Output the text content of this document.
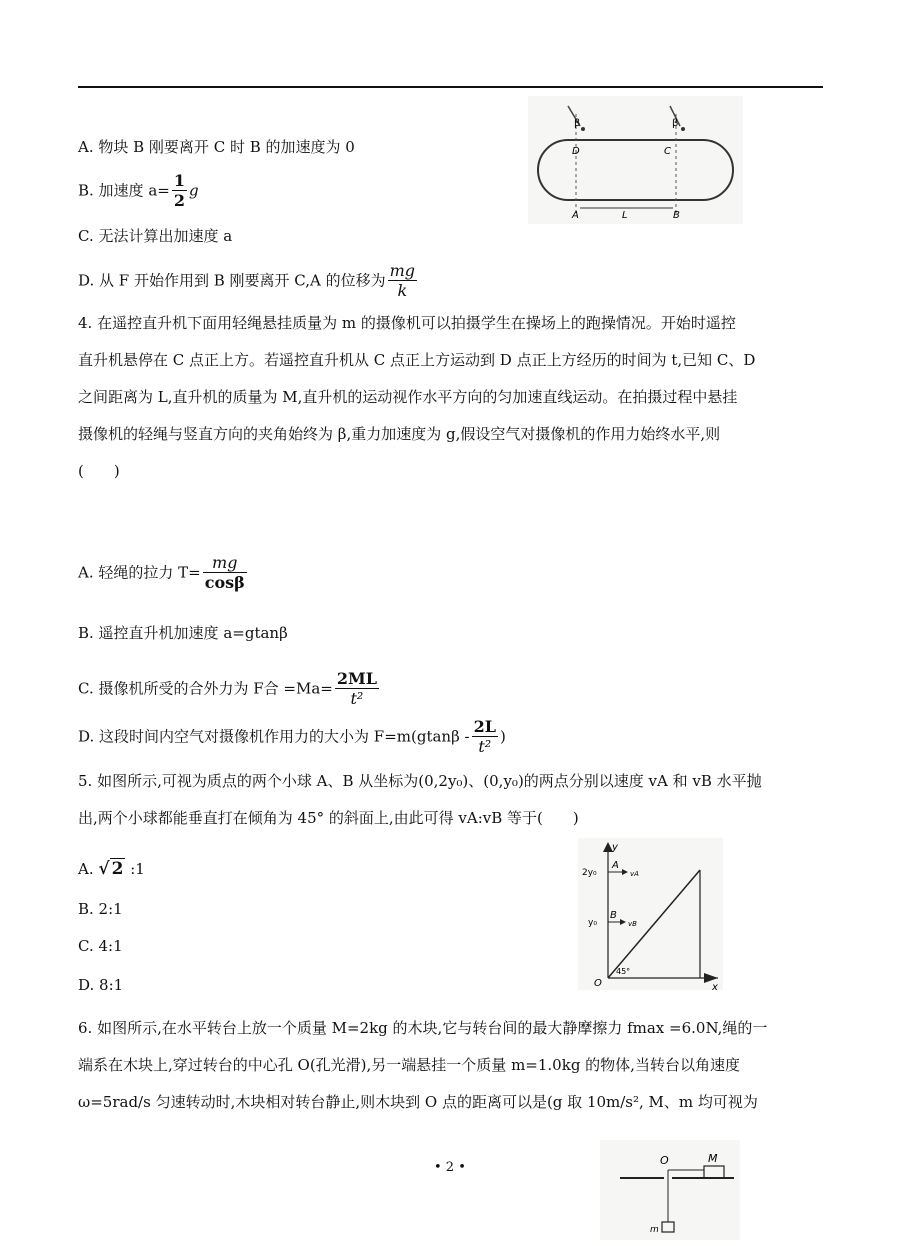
β	β
D	C
A	L	B
A. 物块 B 刚要离开 C 时 B 的加速度为 0
B. 加速度 $a= \frac{1}{2}$ g
C. 无法计算出加速度 a
D. 从 F 开始作用到 B 刚要离开 C,A 的位移为 $\frac{mg}{k}$
4. 在遥控直升机下面用轻绳悬挂质量为 m 的摄像机可以拍摄学生在操场上的跑操情况。开始时遥控
直升机悬停在 C 点正上方。若遥控直升机从 C 点正上方运动到 D 点正上方经历的时间为 t,已知 C、D
之间距离为 L,直升机的质量为 M,直升机的运动视作水平方向的匀加速直线运动。在拍摄过程中悬挂
摄像机的轻绳与竖直方向的夹角始终为 β,重力加速度为 g,假设空气对摄像机的作用力始终水平,则
(　　)
A. 轻绳的拉力 $T= \frac{mg}{\cos\beta}$
B. 遥控直升机加速度 a=gtanβ
C. 摄像机所受的合外力为 F合 $=Ma= \frac{2ML}{\text{t²}}$
D. 这段时间内空气对摄像机作用力的大小为 $F=m(gtan\beta - \frac{2L}{\text{t²}}$ )
5. 如图所示,可视为质点的两个小球 A、B 从坐标为(0,2y₀)、(0,y₀)的两点分别以速度 vA 和 vB 水平抛
出,两个小球都能垂直打在倾角为 45° 的斜面上,由此可得 vA:vB 等于(　　)
A. √ 2 :1
B. 2:1
C. 4:1
D. 8:1
y
x
O
2y₀
y₀
A
B
vA
vB
45°
6. 如图所示,在水平转台上放一个质量 M=2kg 的木块,它与转台间的最大静摩擦力 fmax =6.0N,绳的一
端系在木块上,穿过转台的中心孔 O(孔光滑),另一端悬挂一个质量 m=1.0kg 的物体,当转台以角速度
ω=5rad/s 匀速转动时,木块相对转台静止,则木块到 O 点的距离可以是(g 取 10m/s², M、m 均可视为
O	M
m
• 2 •
